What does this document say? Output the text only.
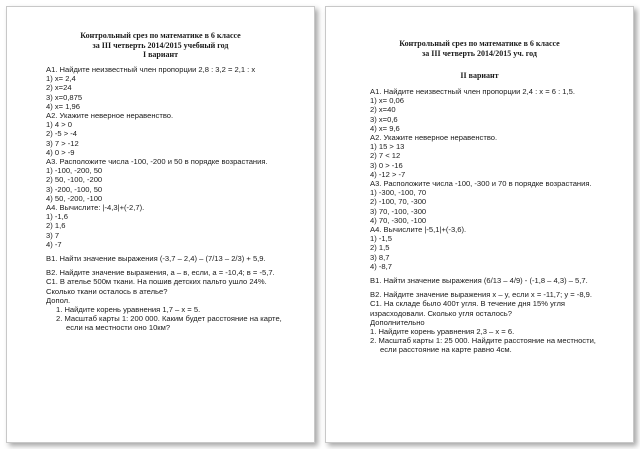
Контрольный срез по математике в 6 классе
за III четверть 2014/2015 учебный год
I вариант
А1. Найдите неизвестный член пропорции 2,8 : 3,2 = 2,1 : x
1) x= 2,4
2) x=24
3) x=0,875
4) x= 1,96
А2. Укажите неверное неравенство.
1) 4 > 0
2) -5 > -4
3) 7 > -12
4) 0 > -9
А3. Расположите числа -100, -200 и 50 в порядке возрастания.
1) -100, -200, 50
2) 50, -100, -200
3) -200, -100, 50
4) 50, -200, -100
А4. Вычислите: |-4,3|+(-2,7).
1) -1,6
2) 1,6
3) 7
4) -7
В1. Найти значение выражения (-3,7 – 2,4) – (7/13 – 2/3) + 5,9.
В2. Найдите значение выражения, a – в, если, a = -10,4; в = -5,7.
С1. В ателье 500м ткани. На пошив детских пальто ушло 24%.
Сколько ткани осталось в ателье?
Допол.
1. Найдите корень уравнения 1,7 – x = 5.
2. Масштаб карты 1: 200 000. Каким будет расстояние на карте,
если на местности оно 10км?
Контрольный срез по математике в 6 классе
за III четверть 2014/2015 уч. год
II вариант
А1. Найдите неизвестный член пропорции 2,4 : x = 6 : 1,5.
1) x= 0,06
2) x=40
3) x=0,6
4) x= 9,6
А2. Укажите неверное неравенство.
1) 15 > 13
2) 7 < 12
3) 0 > -16
4) -12 > -7
А3. Расположите числа -100, -300 и 70 в порядке возрастания.
1) -300, -100, 70
2) -100, 70, -300
3) 70, -100, -300
4) 70, -300, -100
А4. Вычислите |-5,1|+(-3,6).
1) -1,5
2) 1,5
3) 8,7
4) -8,7
В1. Найти значение выражения (6/13 – 4/9) - (-1,8 – 4,3) – 5,7.
В2. Найдите значение выражения x – y, если x = -11,7; y = -8,9.
С1. На складе было 400т угля. В течение дня 15% угля
израсходовали. Сколько угля осталось?
Дополнительно
1. Найдите корень уравнения 2,3 – x = 6.
2. Масштаб карты 1: 25 000. Найдите расстояние на местности,
если расстояние на карте равно 4см.
